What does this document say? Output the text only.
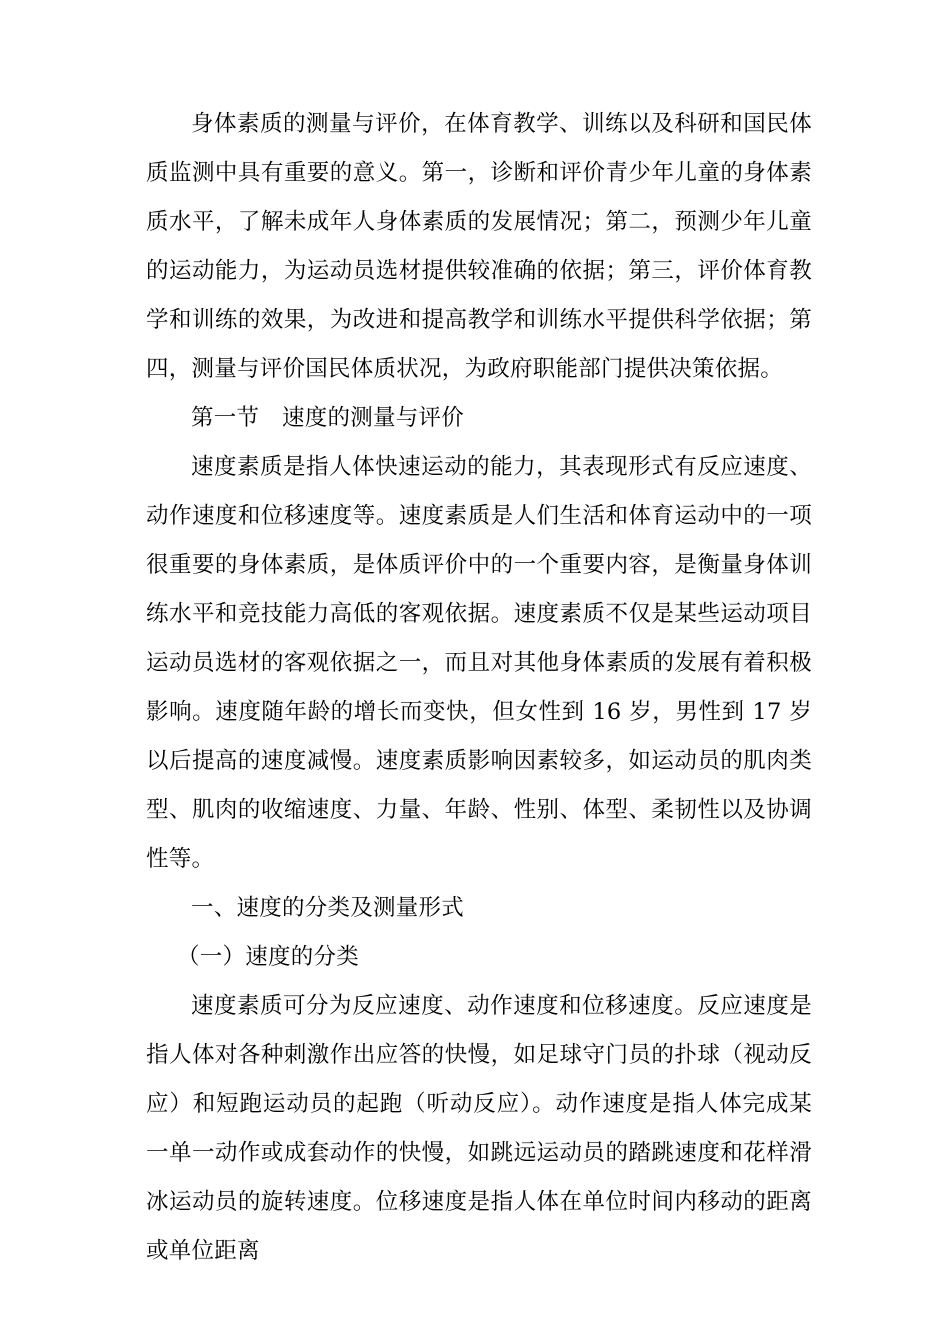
身体素质的测量与评价，在体育教学、训练以及科研和国民体质监测中具有重要的意义。第一，诊断和评价青少年儿童的身体素质水平，了解未成年人身体素质的发展情况；第二，预测少年儿童的运动能力，为运动员选材提供较准确的依据；第三，评价体育教学和训练的效果，为改进和提高教学和训练水平提供科学依据；第四，测量与评价国民体质状况，为政府职能部门提供决策依据。

第一节　速度的测量与评价

速度素质是指人体快速运动的能力，其表现形式有反应速度、动作速度和位移速度等。速度素质是人们生活和体育运动中的一项很重要的身体素质，是体质评价中的一个重要内容，是衡量身体训练水平和竞技能力高低的客观依据。速度素质不仅是某些运动项目运动员选材的客观依据之一，而且对其他身体素质的发展有着积极影响。速度随年龄的增长而变快，但女性到 16 岁，男性到 17 岁以后提高的速度减慢。速度素质影响因素较多，如运动员的肌肉类型、肌肉的收缩速度、力量、年龄、性别、体型、柔韧性以及协调性等。

一、速度的分类及测量形式

（一）速度的分类

速度素质可分为反应速度、动作速度和位移速度。反应速度是指人体对各种刺激作出应答的快慢，如足球守门员的扑球（视动反应）和短跑运动员的起跑（听动反应）。动作速度是指人体完成某一单一动作或成套动作的快慢，如跳远运动员的踏跳速度和花样滑冰运动员的旋转速度。位移速度是指人体在单位时间内移动的距离或单位距离
